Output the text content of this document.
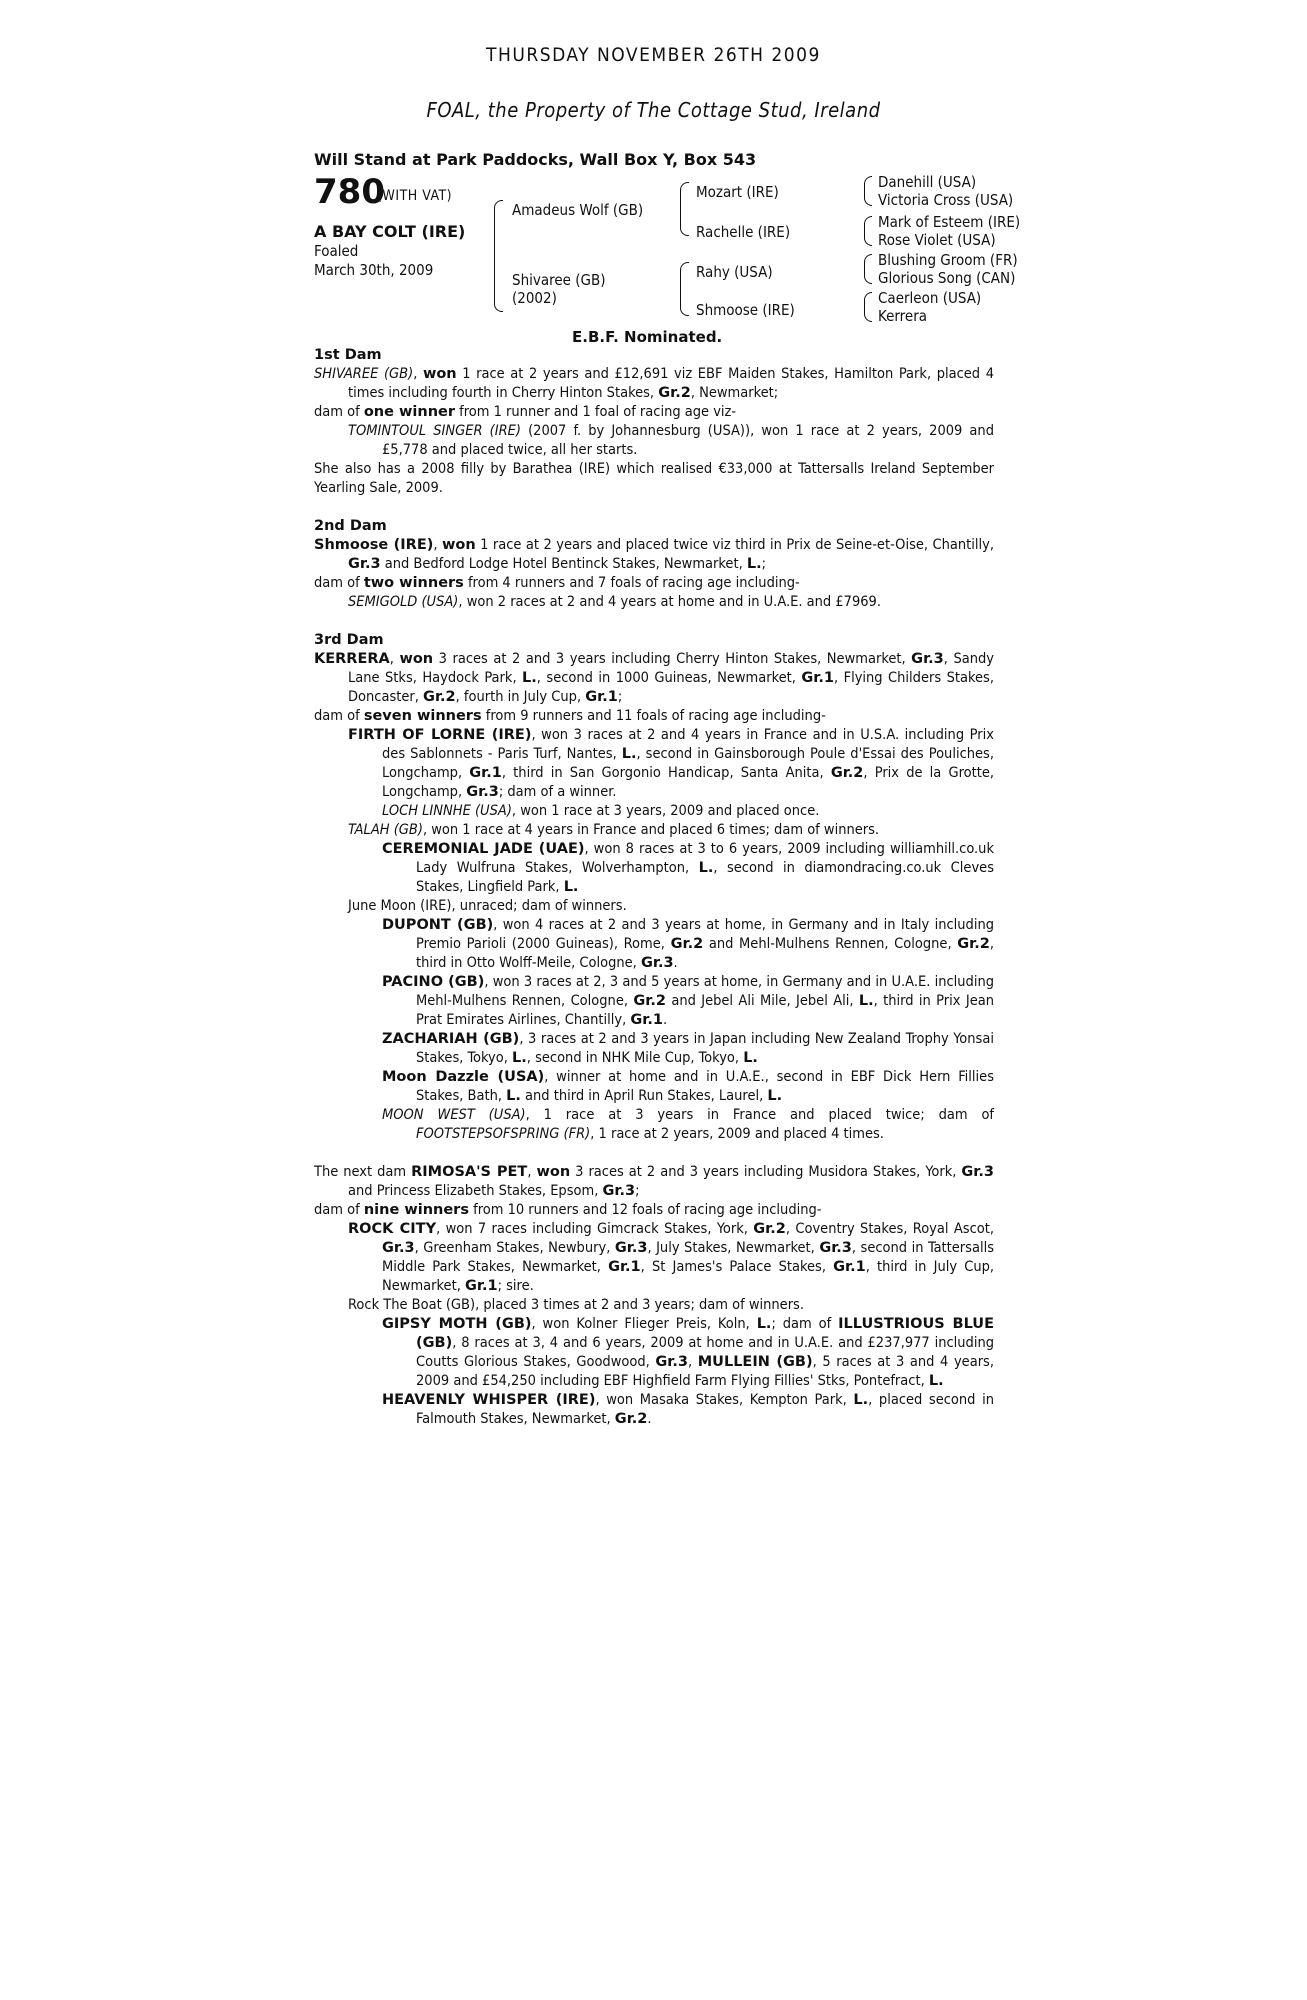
THURSDAY NOVEMBER 26TH 2009
FOAL, the Property of The Cottage Stud, Ireland
Will Stand at Park Paddocks, Wall Box Y, Box 543
780
(WITH VAT)
A BAY COLT (IRE)
Foaled
March 30th, 2009
Amadeus Wolf (GB)
Shivaree (GB)
(2002)
Mozart (IRE)
Rachelle (IRE)
Rahy (USA)
Shmoose (IRE)
Danehill (USA)
Victoria Cross (USA)
Mark of Esteem (IRE)
Rose Violet (USA)
Blushing Groom (FR)
Glorious Song (CAN)
Caerleon (USA)
Kerrera
E.B.F. Nominated.

1st Dam

SHIVAREE (GB), won 1 race at 2 years and £12,691 viz EBF Maiden Stakes, Hamilton Park, placed 4 times including fourth in Cherry Hinton Stakes, Gr.2, Newmarket;

dam of one winner from 1 runner and 1 foal of racing age viz-

TOMINTOUL SINGER (IRE) (2007 f. by Johannesburg (USA)), won 1 race at 2 years, 2009 and £5,778 and placed twice, all her starts.

She also has a 2008 filly by Barathea (IRE) which realised €33,000 at Tattersalls Ireland September Yearling Sale, 2009.

2nd Dam

Shmoose (IRE), won 1 race at 2 years and placed twice viz third in Prix de Seine-et-Oise, Chantilly, Gr.3 and Bedford Lodge Hotel Bentinck Stakes, Newmarket, L.;

dam of two winners from 4 runners and 7 foals of racing age including-

SEMIGOLD (USA), won 2 races at 2 and 4 years at home and in U.A.E. and £7969.

3rd Dam

KERRERA, won 3 races at 2 and 3 years including Cherry Hinton Stakes, Newmarket, Gr.3, Sandy Lane Stks, Haydock Park, L., second in 1000 Guineas, Newmarket, Gr.1, Flying Childers Stakes, Doncaster, Gr.2, fourth in July Cup, Gr.1;

dam of seven winners from 9 runners and 11 foals of racing age including-

FIRTH OF LORNE (IRE), won 3 races at 2 and 4 years in France and in U.S.A. including Prix des Sablonnets - Paris Turf, Nantes, L., second in Gainsborough Poule d'Essai des Pouliches, Longchamp, Gr.1, third in San Gorgonio Handicap, Santa Anita, Gr.2, Prix de la Grotte, Longchamp, Gr.3; dam of a winner.

LOCH LINNHE (USA), won 1 race at 3 years, 2009 and placed once.

TALAH (GB), won 1 race at 4 years in France and placed 6 times; dam of winners.

CEREMONIAL JADE (UAE), won 8 races at 3 to 6 years, 2009 including williamhill.co.uk Lady Wulfruna Stakes, Wolverhampton, L., second in diamondracing.co.uk Cleves Stakes, Lingfield Park, L.

June Moon (IRE), unraced; dam of winners.

DUPONT (GB), won 4 races at 2 and 3 years at home, in Germany and in Italy including Premio Parioli (2000 Guineas), Rome, Gr.2 and Mehl-Mulhens Rennen, Cologne, Gr.2, third in Otto Wolff-Meile, Cologne, Gr.3.

PACINO (GB), won 3 races at 2, 3 and 5 years at home, in Germany and in U.A.E. including Mehl-Mulhens Rennen, Cologne, Gr.2 and Jebel Ali Mile, Jebel Ali, L., third in Prix Jean Prat Emirates Airlines, Chantilly, Gr.1.

ZACHARIAH (GB), 3 races at 2 and 3 years in Japan including New Zealand Trophy Yonsai Stakes, Tokyo, L., second in NHK Mile Cup, Tokyo, L.

Moon Dazzle (USA), winner at home and in U.A.E., second in EBF Dick Hern Fillies Stakes, Bath, L. and third in April Run Stakes, Laurel, L.

MOON WEST (USA), 1 race at 3 years in France and placed twice; dam of FOOTSTEPSOFSPRING (FR), 1 race at 2 years, 2009 and placed 4 times.

The next dam RIMOSA'S PET, won 3 races at 2 and 3 years including Musidora Stakes, York, Gr.3 and Princess Elizabeth Stakes, Epsom, Gr.3;

dam of nine winners from 10 runners and 12 foals of racing age including-

ROCK CITY, won 7 races including Gimcrack Stakes, York, Gr.2, Coventry Stakes, Royal Ascot, Gr.3, Greenham Stakes, Newbury, Gr.3, July Stakes, Newmarket, Gr.3, second in Tattersalls Middle Park Stakes, Newmarket, Gr.1, St James's Palace Stakes, Gr.1, third in July Cup, Newmarket, Gr.1; sire.

Rock The Boat (GB), placed 3 times at 2 and 3 years; dam of winners.

GIPSY MOTH (GB), won Kolner Flieger Preis, Koln, L.; dam of ILLUSTRIOUS BLUE (GB), 8 races at 3, 4 and 6 years, 2009 at home and in U.A.E. and £237,977 including Coutts Glorious Stakes, Goodwood, Gr.3, MULLEIN (GB), 5 races at 3 and 4 years, 2009 and £54,250 including EBF Highfield Farm Flying Fillies' Stks, Pontefract, L.

HEAVENLY WHISPER (IRE), won Masaka Stakes, Kempton Park, L., placed second in Falmouth Stakes, Newmarket, Gr.2.
